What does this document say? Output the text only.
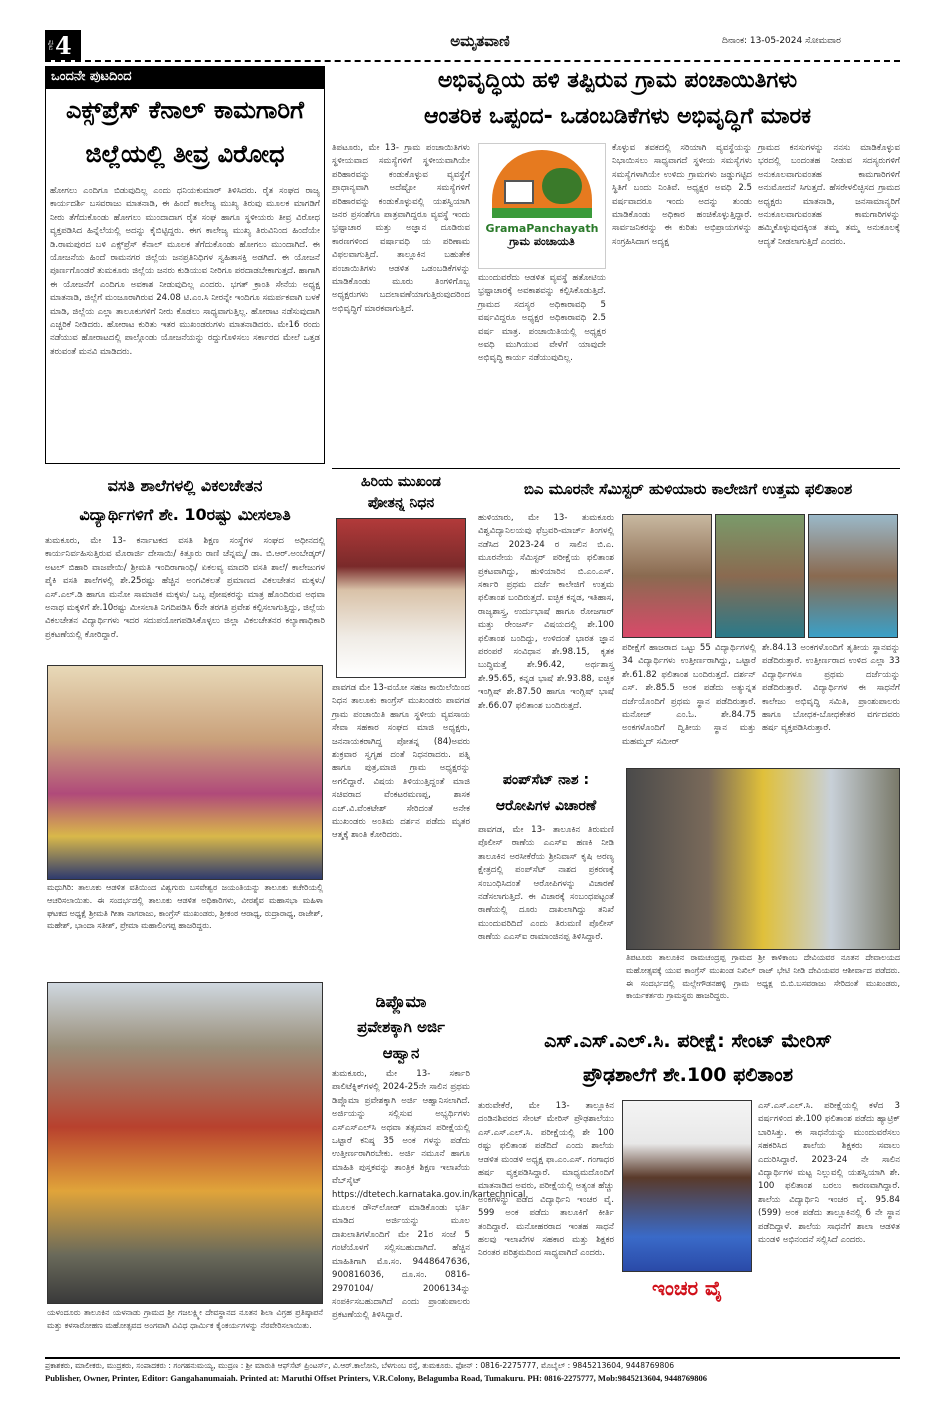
ಪುಟ 4	ಅಮೃತವಾಣಿ	ದಿನಾಂಕ: 13-05-2024 ಸೋಮವಾರ
ಒಂದನೇ ಪುಟದಿಂದ
ಎಕ್ಸ್‌ಪ್ರೆಸ್ ಕೆನಾಲ್ ಕಾಮಗಾರಿಗೆ
ಜಿಲ್ಲೆಯಲ್ಲಿ ತೀವ್ರ ವಿರೋಧ
ಹೋಗಲು ಎಂದಿಗೂ ಬಿಡುವುದಿಲ್ಲ ಎಂದು ಧನಿಯಕುಮಾರ್ ತಿಳಿಸಿದರು. ರೈತ ಸಂಘದ ರಾಜ್ಯ ಕಾರ್ಯದರ್ಶಿ ಬಸವರಾಜು ಮಾತನಾಡಿ, ಈ ಹಿಂದೆ ಕಾಲೇಜ್ಯ ಮುಖ್ಯ ತಿರುವು ಮೂಲಕ ಮಾಗಡಿಗೆ ನೀರು ತೆಗೆದುಕೊಂಡು ಹೋಗಲು ಮುಂದಾದಾಗ ರೈತ ಸಂಘ ಹಾಗೂ ಸ್ಥಳೀಯರು ತೀವ್ರ ವಿರೋಧ ವ್ಯಕ್ತಪಡಿಸಿದ ಹಿನ್ನೆಲೆಯಲ್ಲಿ ಅದನ್ನು ಕೈಬಿಟ್ಟಿದ್ದರು. ಈಗ ಕಾಲೇಜ್ಯ ಮುಖ್ಯ ತಿರುವಿನಿಂದ ಹಿಂದೆಯೇ ಡಿ.ರಾಮಪುರದ ಬಳಿ ಎಕ್ಸ್‌ಪ್ರೆಸ್ ಕೆನಾಲ್ ಮೂಲಕ ತೆಗೆದುಕೊಂಡು ಹೋಗಲು ಮುಂದಾಗಿದೆ. ಈ ಯೋಜನೆಯ ಹಿಂದೆ ರಾಮನಗರ ಜಿಲ್ಲೆಯ ಜನಪ್ರತಿನಿಧಿಗಳ ಸ್ವಹಿತಾಸಕ್ತಿ ಅಡಗಿದೆ. ಈ ಯೋಜನೆ ಪೂರ್ಣಗೊಂಡರೆ ತುಮಕೂರು ಜಿಲ್ಲೆಯ ಜನರು ಕುಡಿಯುವ ನೀರಿಗೂ ಪರದಾಡಬೇಕಾಗುತ್ತದೆ. ಹಾಗಾಗಿ ಈ ಯೋಜನೆಗೆ ಎಂದಿಗೂ ಅವಕಾಶ ನೀಡುವುದಿಲ್ಲ ಎಂದರು. ಭಗತ್ ಕ್ರಾಂತಿ ಸೇನೆಯ ಅಧ್ಯಕ್ಷ ಮಾತನಾಡಿ, ಜಿಲ್ಲೆಗೆ ಮಂಜೂರಾಗಿರುವ 24.08 ಟಿ.ಎಂ.ಸಿ ನೀರನ್ನೇ ಇಂದಿಗೂ ಸಮರ್ಪಕವಾಗಿ ಬಳಕೆ ಮಾಡಿ, ಜಿಲ್ಲೆಯ ಎಲ್ಲಾ ತಾಲೂಕುಗಳಿಗೆ ನೀರು ಕೊಡಲು ಸಾಧ್ಯವಾಗುತ್ತಿಲ್ಲ. ಹೋರಾಟ ನಡೆಸುವುದಾಗಿ ಎಚ್ಚರಿಕೆ ನೀಡಿದರು. ಹೋರಾಟ ಕುರಿತು ಇತರ ಮುಖಂಡರುಗಳು ಮಾತನಾಡಿದರು. ಮೇ16 ರಂದು ನಡೆಯುವ ಹೋರಾಟದಲ್ಲಿ ಪಾಲ್ಗೊಂಡು ಯೋಜನೆಯನ್ನು ರದ್ದುಗೊಳಿಸಲು ಸರ್ಕಾರದ ಮೇಲೆ ಒತ್ತಡ ತರುವಂತೆ ಮನವಿ ಮಾಡಿದರು.
ವಸತಿ ಶಾಲೆಗಳಲ್ಲಿ ವಿಕಲಚೇತನ
ವಿದ್ಯಾರ್ಥಿಗಳಿಗೆ ಶೇ. 10ರಷ್ಟು ಮೀಸಲಾತಿ
ತುಮಕೂರು, ಮೇ 13- ಕರ್ನಾಟಕದ ವಸತಿ ಶಿಕ್ಷಣ ಸಂಸ್ಥೆಗಳ ಸಂಘದ ಅಧೀನದಲ್ಲಿ ಕಾರ್ಯನಿರ್ವಹಿಸುತ್ತಿರುವ ಮೊರಾರ್ಜಿ ದೇಸಾಯಿ/ ಕಿತ್ತೂರು ರಾಣಿ ಚೆನ್ನಮ್ಮ/ ಡಾ. ಬಿ.ಆರ್.ಅಂಬೇಡ್ಕರ್/ ಅಟಲ್ ಬಿಹಾರಿ ವಾಜಪೇಯಿ/ ಶ್ರೀಮತಿ ಇಂದಿರಾಗಾಂಧಿ/ ಏಕಲವ್ಯ ಮಾದರಿ ವಸತಿ ಶಾಲೆ/ ಕಾಲೇಜುಗಳ ಪೈಕಿ ವಸತಿ ಶಾಲೆಗಳಲ್ಲಿ ಶೇ.25ರಷ್ಟು ಹೆಚ್ಚಿನ ಅಂಗವಿಕಲತೆ ಪ್ರಮಾಣದ ವಿಕಲಚೇತನ ಮಕ್ಕಳು/ ಎಸ್.ಎಲ್.ಡಿ ಹಾಗೂ ಮನೋ ಸಾಮಾಜಿಕ ಮಕ್ಕಳು/ ಒಬ್ಬ ಪೋಷಕರನ್ನು ಮಾತ್ರ ಹೊಂದಿರುವ ಅಥವಾ ಅನಾಥ ಮಕ್ಕಳಿಗೆ ಶೇ.10ರಷ್ಟು ಮೀಸಲಾತಿ ನಿಗದಿಪಡಿಸಿ 6ನೇ ತರಗತಿ ಪ್ರವೇಶ ಕಲ್ಪಿಸಲಾಗುತ್ತಿದ್ದು, ಜಿಲ್ಲೆಯ ವಿಕಲಚೇತನ ವಿದ್ಯಾರ್ಥಿಗಳು ಇದರ ಸದುಪಯೋಗಪಡಿಸಿಕೊಳ್ಳಲು ಜಿಲ್ಲಾ ವಿಕಲಚೇತನರ ಕಲ್ಯಾಣಾಧಿಕಾರಿ ಪ್ರಕಟಣೆಯಲ್ಲಿ ಕೋರಿದ್ದಾರೆ.
ಮಧುಗಿರಿ: ತಾಲೂಕು ಆಡಳಿತ ವತಿಯಿಂದ ವಿಶ್ವಗುರು ಬಸವೇಶ್ವರ ಜಯಂತಿಯನ್ನು ತಾಲೂಕು ಕಚೇರಿಯಲ್ಲಿ ಆಚರಿಸಲಾಯಿತು. ಈ ಸಂದರ್ಭದಲ್ಲಿ ತಾಲೂಕು ಆಡಳಿತ ಅಧಿಕಾರಿಗಳು, ವೀರಶೈವ ಮಹಾಸಭಾ ಮಹಿಳಾ ಘಟಕದ ಅಧ್ಯಕ್ಷೆ ಶ್ರೀಮತಿ ಗೀತಾ ನಾಗರಾಜು, ಕಾಂಗ್ರೆಸ್ ಮುಖಂಡರು, ಶ್ರೀಕಂಠ ಆರಾಧ್ಯ, ರುದ್ರಾರಾಧ್ಯ, ರಾಜೇಶ್, ಮಹೇಶ್, ಭಾಂದಾ ಸತೀಶ್, ಪ್ರೇಮಾ ಮಹಾಲಿಂಗಪ್ಪ ಹಾಜರಿದ್ದರು.
ಯಳಂದೂರು ತಾಲೂಕಿನ ಯಳನಾಡು ಗ್ರಾಮದ ಶ್ರೀ ಗಜಲಕ್ಷ್ಮೀ ದೇವಸ್ಥಾನದ ನೂತನ ಶಿಲಾ ವಿಗ್ರಹ ಪ್ರತಿಷ್ಠಾಪನೆ ಮತ್ತು ಕಳಸಾರೋಹಣ ಮಹೋತ್ಸವದ ಅಂಗವಾಗಿ ವಿವಿಧ ಧಾರ್ಮಿಕ ಕೈಂಕರ್ಯಗಳನ್ನು ನೆರವೇರಿಸಲಾಯಿತು.
ಅಭಿವೃದ್ಧಿಯ ಹಳಿ ತಪ್ಪಿರುವ ಗ್ರಾಮ ಪಂಚಾಯಿತಿಗಳು
ಆಂತರಿಕ ಒಪ್ಪಂದ- ಒಡಂಬಡಿಕೆಗಳು ಅಭಿವೃದ್ಧಿಗೆ ಮಾರಕ
ತಿಪಟೂರು, ಮೇ 13- ಗ್ರಾಮ ಪಂಚಾಯಿತಿಗಳು ಸ್ಥಳೀಯವಾದ ಸಮಸ್ಯೆಗಳಿಗೆ ಸ್ಥಳೀಯವಾಗಿಯೇ ಪರಿಹಾರವನ್ನು ಕಂಡುಕೊಳ್ಳುವ ವ್ಯವಸ್ಥೆಗೆ ಪ್ರಾಧಾನ್ಯವಾಗಿ ಅದೆಷ್ಟೋ ಸಮಸ್ಯೆಗಳಿಗೆ ಪರಿಹಾರವನ್ನು ಕಂಡುಕೊಳ್ಳುವಲ್ಲಿ ಯಶಸ್ವಿಯಾಗಿ ಜನರ ಪ್ರಸಂಶೆಗೂ ಪಾತ್ರವಾಗಿದ್ದರೂ ವ್ಯವಸ್ಥೆ ಇಂದು ಭ್ರಷ್ಟಾಚಾರ ಮತ್ತು ಅಜ್ಞಾನ ದೂಡಿರುವ ಕಾರಣಗಳಿಂದ ವರ್ಷಾವಧಿ ಯ ಪರಿಣಾಮ ವಿಫಲವಾಗುತ್ತಿದೆ. ತಾಲ್ಲೂಕಿನ ಬಹುತೇಕ ಪಂಚಾಯಿತಿಗಳು ಆಡಳಿತ ಒಡಂಬಡಿಕೆಗಳನ್ನು ಮಾಡಿಕೊಂಡು ಮೂರು ತಿಂಗಳಿಗೊಬ್ಬ ಅಧ್ಯಕ್ಷರುಗಳು ಬದಲಾವಣೆಯಾಗುತ್ತಿರುವುದರಿಂದ ಅಭಿವೃದ್ಧಿಗೆ ಮಾರಕವಾಗುತ್ತಿದೆ.
GramaPanchayath
ಗ್ರಾಮ ಪಂಚಾಯತಿ
ಮುಂದುವರೆದು ಆಡಳಿತ ವ್ಯವಸ್ಥೆ ಹತೋಟಿಯ ಭ್ರಷ್ಟಾಚಾರಕ್ಕೆ ಅವಕಾಶವನ್ನು ಕಲ್ಪಿಸಿಕೊಡುತ್ತಿದೆ. ಗ್ರಾಮದ ಸದಸ್ಯರ ಅಧಿಕಾರಾವಧಿ 5 ವರ್ಷವಿದ್ದರೂ ಅಧ್ಯಕ್ಷರ ಅಧಿಕಾರಾವಧಿ 2.5 ವರ್ಷ ಮಾತ್ರ. ಪಂಚಾಯಿತಿಯಲ್ಲಿ ಅಧ್ಯಕ್ಷರ ಅವಧಿ ಮುಗಿಯುವ ವೇಳೆಗೆ ಯಾವುದೇ ಅಭಿವೃದ್ಧಿ ಕಾರ್ಯ ನಡೆಯುವುದಿಲ್ಲ.
ಕೊಳ್ಳುವ ತವಕದಲ್ಲಿ ಸರಿಯಾಗಿ ವ್ಯವಸ್ಥೆಯನ್ನು ನಿಭಾಯಿಸಲು ಸಾಧ್ಯವಾಗದೆ ಸ್ಥಳೀಯ ಸಮಸ್ಯೆಗಳು ಸಮಸ್ಯೆಗಳಾಗಿಯೇ ಉಳಿದು ಗ್ರಾಮಗಳು ಜಡ್ಡುಗಟ್ಟಿದ ಸ್ಥಿತಿಗೆ ಬಂದು ನಿಂತಿವೆ. ಅಧ್ಯಕ್ಷರ ಅವಧಿ 2.5 ವರ್ಷವಾದರೂ ಇಂದು ಅದನ್ನು ತುಂಡು ಮಾಡಿಕೊಂಡು ಅಧಿಕಾರ ಹಂಚಿಕೊಳ್ಳುತ್ತಿದ್ದಾರೆ. ಸಾರ್ವಜನಿಕರನ್ನು ಈ ಕುರಿತು ಅಭಿಪ್ರಾಯಗಳನ್ನು ಸಂಗ್ರಹಿಸಿದಾಗ ಅದ್ಯಕ್ಷ
ಗ್ರಾಮದ ಕನಸುಗಳನ್ನು ನನಸು ಮಾಡಿಕೊಳ್ಳುವ ಭರದಲ್ಲಿ ಬಂದಂತಹ ನೀಡುವ ಸದಸ್ಯರುಗಳಿಗೆ ಅನುಕೂಲವಾಗುವಂತಹ ಕಾಮಗಾರಿಗಳಿಗೆ ಅನುಮೋದನೆ ಸಿಗುತ್ತದೆ. ಹೆಸರೇಳಲಿಚ್ಛಿಸದ ಗ್ರಾಮದ ಅಧ್ಯಕ್ಷರು ಮಾತನಾಡಿ, ಜನಸಾಮಾನ್ಯರಿಗೆ ಅನುಕೂಲವಾಗುವಂತಹ ಕಾಮಗಾರಿಗಳನ್ನು ಹಮ್ಮಿಕೊಳ್ಳುವುದಕ್ಕಿಂತ ತಮ್ಮ ತಮ್ಮ ಅನುಕೂಲಕ್ಕೆ ಆದ್ಯತೆ ನೀಡಲಾಗುತ್ತಿದೆ ಎಂದರು.
ಹಿರಿಯ ಮುಖಂಡ
ಪೋತನ್ನ ನಿಧನ
ಪಾವಗಡ ಮೇ 13-ವಯೋ ಸಹಜ ಕಾಯಿಲೆಯಿಂದ ನಿಧನ ತಾಲೂಕು ಕಾಂಗ್ರೆಸ್ ಮುಖಂಡರು ಪಾವಗಡ ಗ್ರಾಮ ಪಂಚಾಯಿತಿ ಹಾಗೂ ಸ್ಥಳೀಯ ವ್ಯವಸಾಯ ಸೇವಾ ಸಹಕಾರ ಸಂಘದ ಮಾಜಿ ಅಧ್ಯಕ್ಷರು, ಜನನಾಯಕರಾಗಿದ್ದ ಪೋತನ್ನ (84)ಅವರು ಶುಕ್ರವಾರ ಸ್ವಗೃಹ ದಂತೆ ನಿಧನರಾದರು. ಪತ್ನಿ ಹಾಗೂ ಪುತ್ರ,ಮಾಜಿ ಗ್ರಾಮ ಅಧ್ಯಕ್ಷರನ್ನು ಅಗಲಿದ್ದಾರೆ. ವಿಷಯ ತಿಳಿಯುತ್ತಿದ್ದಂತೆ ಮಾಜಿ ಸಚಿವರಾದ ವೆಂಕಟರಮಣಪ್ಪ, ಶಾಸಕ ಎಚ್.ವಿ.ವೆಂಕಟೇಶ್ ಸೇರಿದಂತೆ ಅನೇಕ ಮುಖಂಡರು ಅಂತಿಮ ದರ್ಶನ ಪಡೆದು ಮೃತರ ಆತ್ಮಕ್ಕೆ ಶಾಂತಿ ಕೋರಿದರು.
ಡಿಪ್ಲೊಮಾ
ಪ್ರವೇಶಕ್ಕಾಗಿ ಅರ್ಜಿ
ಆಹ್ವಾನ
ತುಮಕೂರು, ಮೇ 13- ಸರ್ಕಾರಿ ಪಾಲಿಟೆಕ್ನಿಕ್‌ಗಳಲ್ಲಿ 2024-25ನೇ ಸಾಲಿನ ಪ್ರಥಮ ಡಿಪ್ಲೊಮಾ ಪ್ರವೇಶಕ್ಕಾಗಿ ಅರ್ಜಿ ಆಹ್ವಾನಿಸಲಾಗಿದೆ. ಅರ್ಜಿಯನ್ನು ಸಲ್ಲಿಸುವ ಅಭ್ಯರ್ಥಿಗಳು ಎಸ್‌ಎಸ್‌ಎಲ್‌ಸಿ ಅಥವಾ ತತ್ಸಮಾನ ಪರೀಕ್ಷೆಯಲ್ಲಿ ಒಟ್ಟಾರೆ ಕನಿಷ್ಠ 35 ಅಂಕ ಗಳನ್ನು ಪಡೆದು ಉತ್ತೀರ್ಣರಾಗಿರಬೇಕು. ಅರ್ಜಿ ನಮೂನೆ ಹಾಗೂ ಮಾಹಿತಿ ಪುಸ್ತಕವನ್ನು ತಾಂತ್ರಿಕ ಶಿಕ್ಷಣ ಇಲಾಖೆಯ ವೆಬ್‌ಸೈಟ್ https://dtetech.karnataka.gov.in/kartechnical ಮೂಲಕ ಡೌನ್‌ಲೋಡ್ ಮಾಡಿಕೊಂಡು ಭರ್ತಿ ಮಾಡಿದ ಅರ್ಜಿಯನ್ನು ಮೂಲ ದಾಖಲಾತಿಗಳೊಂದಿಗೆ ಮೇ 21ರ ಸಂಜೆ 5 ಗಂಟೆಯೊಳಗೆ ಸಲ್ಲಿಸಬಹುದಾಗಿದೆ. ಹೆಚ್ಚಿನ ಮಾಹಿತಿಗಾಗಿ ಮೊ.ಸಂ. 9448647636, 900816036, ದೂ.ಸಂ. 0816-2970104/ 2006134ನ್ನು ಸಂಪರ್ಕಿಸಬಹುದಾಗಿದೆ ಎಂದು ಪ್ರಾಂಶುಪಾಲರು ಪ್ರಕಟಣೆಯಲ್ಲಿ ತಿಳಿಸಿದ್ದಾರೆ.
ಬಿಎ ಮೂರನೇ ಸೆಮಿಸ್ಟರ್ ಹುಳಿಯಾರು ಕಾಲೇಜಿಗೆ ಉತ್ತಮ ಫಲಿತಾಂಶ
ಹುಳಿಯಾರು, ಮೇ 13- ತುಮಕೂರು ವಿಶ್ವವಿದ್ಯಾನಿಲಯವು ಫೆಬ್ರವರಿ-ಮಾರ್ಚ್ ತಿಂಗಳಲ್ಲಿ ನಡೆಸಿದ 2023-24 ರ ಸಾಲಿನ ಬಿ.ಎ. ಮೂರನೇಯ ಸೆಮಿಸ್ಟರ್ ಪರೀಕ್ಷೆಯ ಫಲಿತಾಂಶ ಪ್ರಕಟವಾಗಿದ್ದು, ಹುಳಿಯಾರಿನ ಬಿ.ಎಂ.ಎಸ್. ಸರ್ಕಾರಿ ಪ್ರಥಮ ದರ್ಜೆ ಕಾಲೇಜಿಗೆ ಉತ್ತಮ ಫಲಿತಾಂಶ ಬಂದಿರುತ್ತದೆ. ಐಚ್ಛಿಕ ಕನ್ನಡ, ಇತಿಹಾಸ, ರಾಜ್ಯಶಾಸ್ತ್ರ, ಉರ್ದುಭಾಷೆ ಹಾಗೂ ರೋಜಗಾರ್ ಮತ್ತು ರೇಂಜರ್ಸ್ ವಿಷಯದಲ್ಲಿ ಶೇ.100 ಫಲಿತಾಂಶ ಬಂದಿದ್ದು, ಉಳಿದಂತೆ ಭಾರತ ಜ್ಞಾನ ಪರಂಪರೆ ಸಂವಿಧಾನ ಶೇ.98.15, ಕೃತಕ ಬುದ್ಧಿಮತ್ತೆ ಶೇ.96.42, ಅರ್ಥಶಾಸ್ತ್ರ ಶೇ.95.65, ಕನ್ನಡ ಭಾಷೆ ಶೇ.93.88, ಐಚ್ಛಿಕ ಇಂಗ್ಲಿಷ್ ಶೇ.87.50 ಹಾಗೂ ಇಂಗ್ಲಿಷ್ ಭಾಷೆ ಶೇ.66.07 ಫಲಿತಾಂಶ ಬಂದಿರುತ್ತದೆ.
ಪರೀಕ್ಷೆಗೆ ಹಾಜರಾದ ಒಟ್ಟು 55 ವಿದ್ಯಾರ್ಥಿಗಳಲ್ಲಿ 34 ವಿದ್ಯಾರ್ಥಿಗಳು ಉತ್ತೀರ್ಣರಾಗಿದ್ದು, ಒಟ್ಟಾರೆ ಶೇ.61.82 ಫಲಿತಾಂಶ ಬಂದಿರುತ್ತದೆ. ದರ್ಶನ್ ಎಸ್. ಶೇ.85.5 ಅಂಕ ಪಡೆದು ಅತ್ಯುನ್ನತ ದರ್ಜೆಯೊಂದಿಗೆ ಪ್ರಥಮ ಸ್ಥಾನ ಪಡೆದಿರುತ್ತಾರೆ. ಮನೋಜ್ ಎಂ.ಓ. ಶೇ.84.75 ಅಂಕಗಳೊಂದಿಗೆ ದ್ವಿತೀಯ ಸ್ಥಾನ ಮತ್ತು ಮಹಮ್ಮದ್ ಸಮೀರ್
ಶೇ.84.13 ಅಂಕಗಳೊಂದಿಗೆ ತೃತೀಯ ಸ್ಥಾನವನ್ನು ಪಡೆದಿರುತ್ತಾರೆ. ಉತ್ತೀರ್ಣರಾದ ಉಳಿದ ಎಲ್ಲಾ 33 ವಿದ್ಯಾರ್ಥಿಗಳೂ ಪ್ರಥಮ ದರ್ಜೆಯನ್ನು ಪಡೆದಿರುತ್ತಾರೆ. ವಿದ್ಯಾರ್ಥಿಗಳ ಈ ಸಾಧನೆಗೆ ಕಾಲೇಜು ಅಭಿವೃದ್ಧಿ ಸಮಿತಿ, ಪ್ರಾಂಶುಪಾಲರು ಹಾಗೂ ಬೋಧಕ-ಬೋಧಕೇತರ ವರ್ಗದವರು ಹರ್ಷ ವ್ಯಕ್ತಪಡಿಸಿರುತ್ತಾರೆ.
ಪಂಪ್‌ಸೆಟ್ ನಾಶ :
ಆರೋಪಿಗಳ ವಿಚಾರಣೆ
ಪಾವಗಡ, ಮೇ 13- ತಾಲೂಕಿನ ತಿರುಮಣಿ ಪೊಲೀಸ್ ಠಾಣೆಯ ಎಎಸ್‌ಐ ಹಣಕಿ ನೀಡಿ ತಾಲೂಕಿನ ಅರಸೀಕೆರೆಯ ಶ್ರೀನಿವಾಸ್ ಕೃಷಿ ಅರಣ್ಯ ಕ್ಷೇತ್ರದಲ್ಲಿ ಪಂಪ್‌ಸೆಟ್ ನಾಶದ ಪ್ರಕರಣಕ್ಕೆ ಸಂಬಂಧಿಸಿದಂತೆ ಆರೋಪಿಗಳನ್ನು ವಿಚಾರಣೆ ನಡೆಸಲಾಗುತ್ತಿದೆ. ಈ ವಿಚಾರಕ್ಕೆ ಸಂಬಂಧಪಟ್ಟಂತೆ ಠಾಣೆಯಲ್ಲಿ ದೂರು ದಾಖಲಾಗಿದ್ದು ತನಿಖೆ ಮುಂದುವರಿದಿದೆ ಎಂದು ತಿರುಮಣಿ ಪೊಲೀಸ್ ಠಾಣೆಯ ಎಎಸ್‌ಐ ರಾಮಾಂಜಿನಪ್ಪ ತಿಳಿಸಿದ್ದಾರೆ.
ತಿಪಟೂರು ತಾಲೂಕಿನ ರಾಮಚಂದ್ರಪ್ಪ ಗ್ರಾಮದ ಶ್ರೀ ಕಾಳಿಕಾಂಬ ದೇವಿಯವರ ನೂತನ ದೇವಾಲಯದ ಮಹೋತ್ಸವಕ್ಕೆ ಯುವ ಕಾಂಗ್ರೆಸ್ ಮುಖಂಡ ನಿಖಿಲ್ ರಾಜ್ ಭೇಟಿ ನೀಡಿ ದೇವಿಯವರ ಆಶೀರ್ವಾದ ಪಡೆದರು. ಈ ಸಂದರ್ಭದಲ್ಲಿ ಮಲ್ಲೇಗೌಡನಹಳ್ಳಿ ಗ್ರಾಮ ಅಧ್ಯಕ್ಷ ಬಿ.ಬಿ.ಬಸವರಾಜು ಸೇರಿದಂತೆ ಮುಖಂಡರು, ಕಾರ್ಯಕರ್ತರು ಗ್ರಾಮಸ್ಥರು ಹಾಜರಿದ್ದರು.
ಎಸ್.ಎಸ್.ಎಲ್.ಸಿ. ಪರೀಕ್ಷೆ: ಸೇಂಟ್ ಮೇರಿಸ್
ಪ್ರೌಢಶಾಲೆಗೆ ಶೇ.100 ಫಲಿತಾಂಶ
ತುರುವೇಕೆರೆ, ಮೇ 13- ತಾಲ್ಲೂಕಿನ ದಂಡಿನಶಿವರದ ಸೇಂಟ್ ಮೇರಿಸ್ ಪ್ರೌಢಶಾಲೆಯು ಎಸ್.ಎಸ್.ಎಲ್.ಸಿ. ಪರೀಕ್ಷೆಯಲ್ಲಿ ಶೇ 100 ರಷ್ಟು ಫಲಿತಾಂಶ ಪಡೆದಿದೆ ಎಂದು ಶಾಲೆಯ ಆಡಳಿತ ಮಂಡಳಿ ಅಧ್ಯಕ್ಷ ಫಾ.ಎಂ.ಎಸ್. ಗಂಗಾಧರ ಹರ್ಷ ವ್ಯಕ್ತಪಡಿಸಿದ್ದಾರೆ. ಮಾಧ್ಯಮದೊಂದಿಗೆ ಮಾತನಾಡಿದ ಅವರು, ಪರೀಕ್ಷೆಯಲ್ಲಿ ಅತ್ಯಂತ ಹೆಚ್ಚು ಅಂಕಗಳನ್ನು ಪಡೆದ ವಿದ್ಯಾರ್ಥಿನಿ ಇಂಚರ ವೈ. 599 ಅಂಕ ಪಡೆದು ತಾಲೂಕಿಗೆ ಕೀರ್ತಿ ತಂದಿದ್ದಾರೆ. ಮನೋಹರರಾದ ಇಂತಹ ಸಾಧನೆ ಹಲವು ಇಲಾಖೆಗಳ ಸಹಕಾರ ಮತ್ತು ಶಿಕ್ಷಕರ ನಿರಂತರ ಪರಿಶ್ರಮದಿಂದ ಸಾಧ್ಯವಾಗಿದೆ ಎಂದರು.
ಇಂಚರ ವೈ
ಎಸ್.ಎಸ್.ಎಲ್.ಸಿ. ಪರೀಕ್ಷೆಯಲ್ಲಿ ಕಳೆದ 3 ವರ್ಷಗಳಿಂದ ಶೇ.100 ಫಲಿತಾಂಶ ಪಡೆದು ಹ್ಯಾಟ್ರಿಕ್ ಬಾರಿಸಿತ್ತು. ಈ ಸಾಧನೆಯನ್ನು ಮುಂದುವರೆಸಲು ಸಹಕರಿಸಿದ ಶಾಲೆಯ ಶಿಕ್ಷಕರು ಸವಾಲು ಎದುರಿಸಿದ್ದಾರೆ. 2023-24 ನೇ ಸಾಲಿನ ವಿದ್ಯಾರ್ಥಿಗಳ ಮಟ್ಟ ನಿಲ್ಲುವಲ್ಲಿ ಯಶಸ್ವಿಯಾಗಿ ಶೇ. 100 ಫಲಿತಾಂಶ ಬರಲು ಕಾರಣವಾಗಿದ್ದಾರೆ. ಶಾಲೆಯ ವಿದ್ಯಾರ್ಥಿನಿ ಇಂಚರ ವೈ. 95.84 (599) ಅಂಕ ಪಡೆದು ತಾಲ್ಲೂಕಿನಲ್ಲಿ 6 ನೇ ಸ್ಥಾನ ಪಡೆದಿದ್ದಾಳೆ. ಶಾಲೆಯ ಸಾಧನೆಗೆ ಶಾಲಾ ಆಡಳಿತ ಮಂಡಳಿ ಅಭಿನಂದನೆ ಸಲ್ಲಿಸಿದೆ ಎಂದರು.
ಪ್ರಕಾಶಕರು, ಮಾಲೀಕರು, ಮುದ್ರಕರು, ಸಂಪಾದಕರು : ಗಂಗಹನುಮಯ್ಯ, ಮುದ್ರಣ : ಶ್ರೀ ಮಾರುತಿ ಆಫ್‌ಸೆಟ್ ಪ್ರಿಂಟರ್ಸ್, ವಿ.ಆರ್.ಕಾಲೋನಿ, ಬೆಳಗುಂಬ ರಸ್ತೆ, ತುಮಕೂರು. ಫೋನ್ : 0816-2275777, ಮೊಬೈಲ್ : 9845213604, 9448769806
Publisher, Owner, Printer, Editor: Gangahanumaiah. Printed at: Maruthi Offset Printers, V.R.Colony, Belagumba Road, Tumakuru. PH: 0816-2275777, Mob:9845213604, 9448769806
